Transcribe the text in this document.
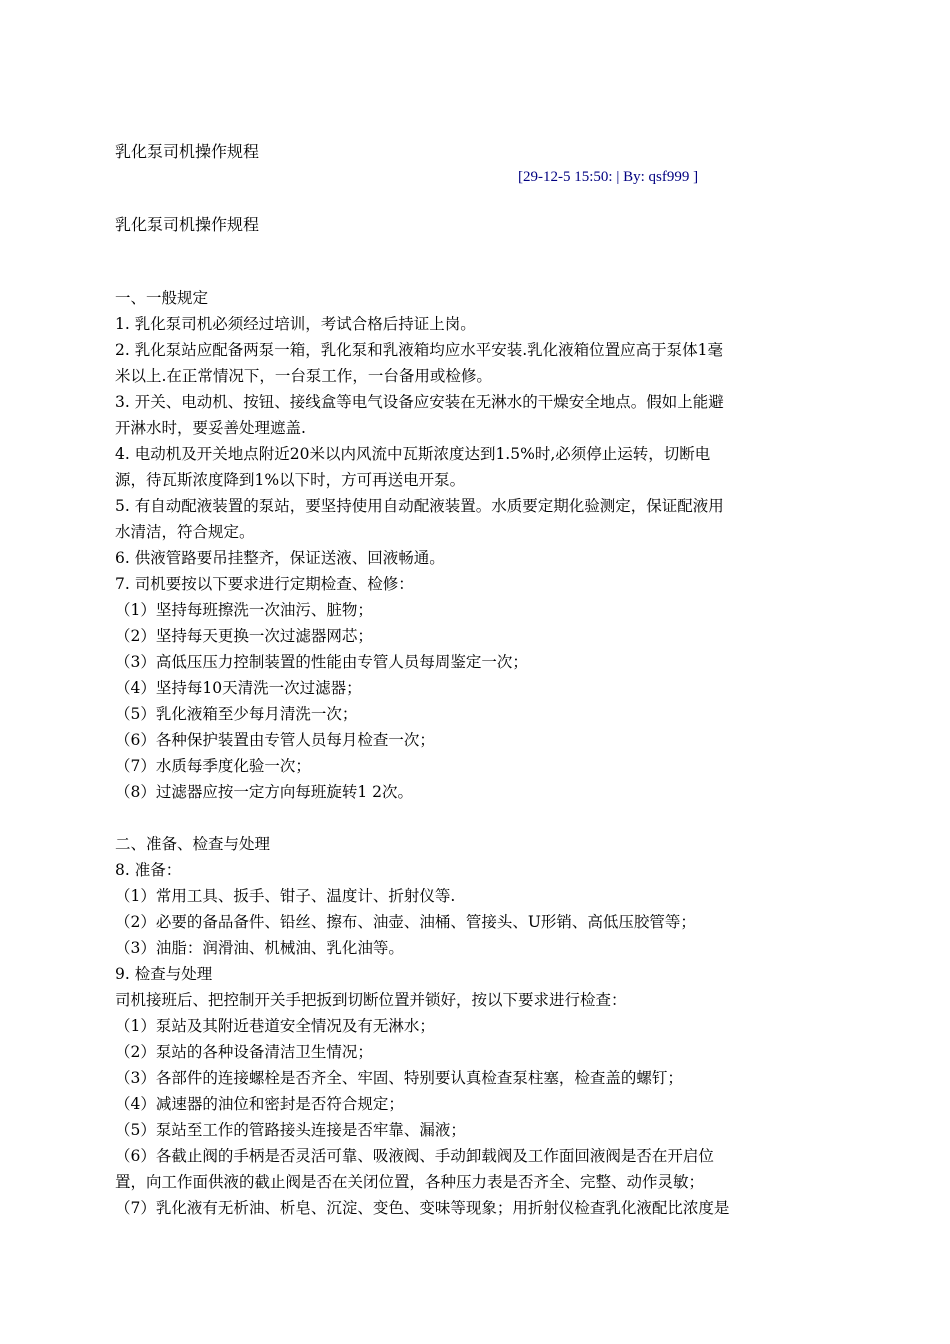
乳化泵司机操作规程
[29-12-5 15:50: | By: qsf999 ]
乳化泵司机操作规程
一、一般规定
1. 乳化泵司机必须经过培训，考试合格后持证上岗。
2. 乳化泵站应配备两泵一箱，乳化泵和乳液箱均应水平安装.乳化液箱位置应高于泵体1毫
米以上.在正常情况下，一台泵工作，一台备用或检修。
3. 开关、电动机、按钮、接线盒等电气设备应安装在无淋水的干燥安全地点。假如上能避
开淋水时，要妥善处理遮盖.
4. 电动机及开关地点附近20米以内风流中瓦斯浓度达到1.5%时,必须停止运转，切断电
源，待瓦斯浓度降到1%以下时，方可再送电开泵。
5. 有自动配液装置的泵站，要坚持使用自动配液装置。水质要定期化验测定，保证配液用
水清洁，符合规定。
6. 供液管路要吊挂整齐，保证送液、回液畅通。
7. 司机要按以下要求进行定期检查、检修：
（1）坚持每班擦洗一次油污、脏物；
（2）坚持每天更换一次过滤器网芯；
（3）高低压压力控制装置的性能由专管人员每周鉴定一次；
（4）坚持每10天清洗一次过滤器；
（5）乳化液箱至少每月清洗一次；
（6）各种保护装置由专管人员每月检查一次；
（7）水质每季度化验一次；
（8）过滤器应按一定方向每班旋转1 2次。
二、准备、检查与处理
8. 准备：
（1）常用工具、扳手、钳子、温度计、折射仪等.
（2）必要的备品备件、铅丝、擦布、油壶、油桶、管接头、U形销、高低压胶管等；
（3）油脂：润滑油、机械油、乳化油等。
9. 检查与处理
司机接班后、把控制开关手把扳到切断位置并锁好，按以下要求进行检查：
（1）泵站及其附近巷道安全情况及有无淋水；
（2）泵站的各种设备清洁卫生情况；
（3）各部件的连接螺栓是否齐全、牢固、特别要认真检查泵柱塞，检查盖的螺钉；
（4）减速器的油位和密封是否符合规定；
（5）泵站至工作的管路接头连接是否牢靠、漏液；
（6）各截止阀的手柄是否灵活可靠、吸液阀、手动卸载阀及工作面回液阀是否在开启位
置，向工作面供液的截止阀是否在关闭位置，各种压力表是否齐全、完整、动作灵敏；
（7）乳化液有无析油、析皂、沉淀、变色、变味等现象；用折射仪检查乳化液配比浓度是
